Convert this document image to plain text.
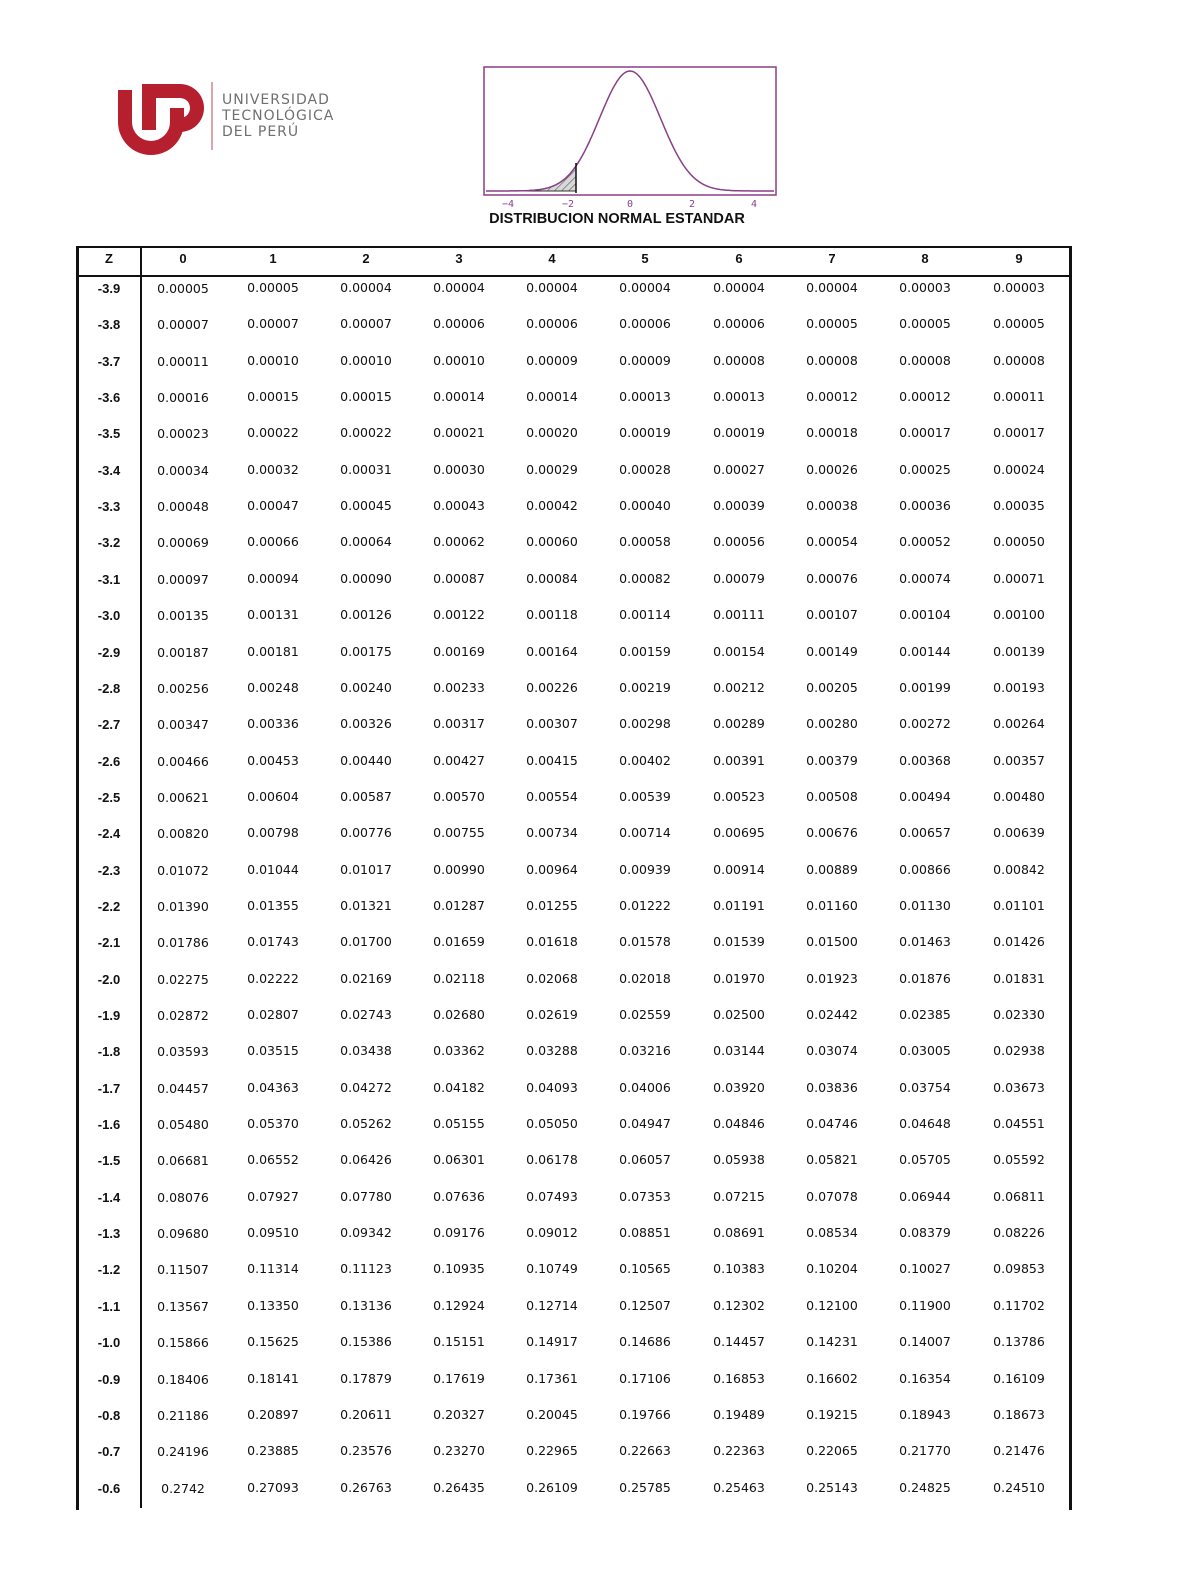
UNIVERSIDAD
TECNOLÓGICA
DEL PERÚ
−4	−2	0	2	4
DISTRIBUCION NORMAL ESTANDAR
Z	0	1	2	3	4	5	6	7	8	9
-3.9	0.00005	0.00005	0.00004	0.00004	0.00004	0.00004	0.00004	0.00004	0.00003	0.00003
-3.8	0.00007	0.00007	0.00007	0.00006	0.00006	0.00006	0.00006	0.00005	0.00005	0.00005
-3.7	0.00011	0.00010	0.00010	0.00010	0.00009	0.00009	0.00008	0.00008	0.00008	0.00008
-3.6	0.00016	0.00015	0.00015	0.00014	0.00014	0.00013	0.00013	0.00012	0.00012	0.00011
-3.5	0.00023	0.00022	0.00022	0.00021	0.00020	0.00019	0.00019	0.00018	0.00017	0.00017
-3.4	0.00034	0.00032	0.00031	0.00030	0.00029	0.00028	0.00027	0.00026	0.00025	0.00024
-3.3	0.00048	0.00047	0.00045	0.00043	0.00042	0.00040	0.00039	0.00038	0.00036	0.00035
-3.2	0.00069	0.00066	0.00064	0.00062	0.00060	0.00058	0.00056	0.00054	0.00052	0.00050
-3.1	0.00097	0.00094	0.00090	0.00087	0.00084	0.00082	0.00079	0.00076	0.00074	0.00071
-3.0	0.00135	0.00131	0.00126	0.00122	0.00118	0.00114	0.00111	0.00107	0.00104	0.00100
-2.9	0.00187	0.00181	0.00175	0.00169	0.00164	0.00159	0.00154	0.00149	0.00144	0.00139
-2.8	0.00256	0.00248	0.00240	0.00233	0.00226	0.00219	0.00212	0.00205	0.00199	0.00193
-2.7	0.00347	0.00336	0.00326	0.00317	0.00307	0.00298	0.00289	0.00280	0.00272	0.00264
-2.6	0.00466	0.00453	0.00440	0.00427	0.00415	0.00402	0.00391	0.00379	0.00368	0.00357
-2.5	0.00621	0.00604	0.00587	0.00570	0.00554	0.00539	0.00523	0.00508	0.00494	0.00480
-2.4	0.00820	0.00798	0.00776	0.00755	0.00734	0.00714	0.00695	0.00676	0.00657	0.00639
-2.3	0.01072	0.01044	0.01017	0.00990	0.00964	0.00939	0.00914	0.00889	0.00866	0.00842
-2.2	0.01390	0.01355	0.01321	0.01287	0.01255	0.01222	0.01191	0.01160	0.01130	0.01101
-2.1	0.01786	0.01743	0.01700	0.01659	0.01618	0.01578	0.01539	0.01500	0.01463	0.01426
-2.0	0.02275	0.02222	0.02169	0.02118	0.02068	0.02018	0.01970	0.01923	0.01876	0.01831
-1.9	0.02872	0.02807	0.02743	0.02680	0.02619	0.02559	0.02500	0.02442	0.02385	0.02330
-1.8	0.03593	0.03515	0.03438	0.03362	0.03288	0.03216	0.03144	0.03074	0.03005	0.02938
-1.7	0.04457	0.04363	0.04272	0.04182	0.04093	0.04006	0.03920	0.03836	0.03754	0.03673
-1.6	0.05480	0.05370	0.05262	0.05155	0.05050	0.04947	0.04846	0.04746	0.04648	0.04551
-1.5	0.06681	0.06552	0.06426	0.06301	0.06178	0.06057	0.05938	0.05821	0.05705	0.05592
-1.4	0.08076	0.07927	0.07780	0.07636	0.07493	0.07353	0.07215	0.07078	0.06944	0.06811
-1.3	0.09680	0.09510	0.09342	0.09176	0.09012	0.08851	0.08691	0.08534	0.08379	0.08226
-1.2	0.11507	0.11314	0.11123	0.10935	0.10749	0.10565	0.10383	0.10204	0.10027	0.09853
-1.1	0.13567	0.13350	0.13136	0.12924	0.12714	0.12507	0.12302	0.12100	0.11900	0.11702
-1.0	0.15866	0.15625	0.15386	0.15151	0.14917	0.14686	0.14457	0.14231	0.14007	0.13786
-0.9	0.18406	0.18141	0.17879	0.17619	0.17361	0.17106	0.16853	0.16602	0.16354	0.16109
-0.8	0.21186	0.20897	0.20611	0.20327	0.20045	0.19766	0.19489	0.19215	0.18943	0.18673
-0.7	0.24196	0.23885	0.23576	0.23270	0.22965	0.22663	0.22363	0.22065	0.21770	0.21476
-0.6	0.2742	0.27093	0.26763	0.26435	0.26109	0.25785	0.25463	0.25143	0.24825	0.24510
